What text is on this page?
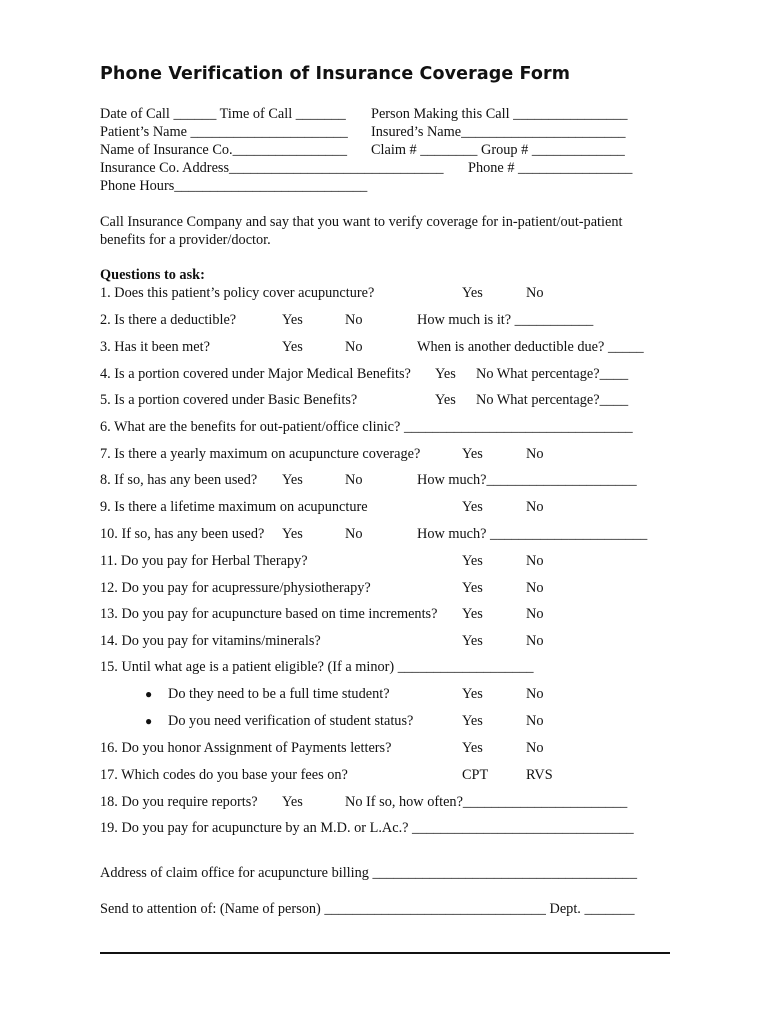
Phone Verification of Insurance Coverage Form
Date of Call ______ Time of Call _______ Person Making this Call ________________
Patient’s Name ______________________ Insured’s Name_______________________
Name of Insurance Co.________________ Claim # ________ Group # _____________
Insurance Co. Address______________________________ Phone # ________________
Phone Hours___________________________
Call Insurance Company and say that you want to verify coverage for in-patient/out-patient
benefits for a provider/doctor.
Questions to ask:
1. Does this patient’s policy cover acupuncture?	Yes	No
2. Is there a deductible?	Yes	No	How much is it? ___________
3. Has it been met?	Yes	No	When is another deductible due? _____
4. Is a portion covered under Major Medical Benefits? Yes No What percentage?____
5. Is a portion covered under Basic Benefits?	Yes No What percentage?____
6. What are the benefits for out-patient/office clinic? ________________________________
7. Is there a yearly maximum on acupuncture coverage?	Yes	No
8. If so, has any been used? Yes	No	How much?_____________________
9. Is there a lifetime maximum on acupuncture	Yes	No
10. If so, has any been used? Yes	No	How much? ______________________
11. Do you pay for Herbal Therapy?	Yes	No
12. Do you pay for acupressure/physiotherapy?	Yes	No
13. Do you pay for acupuncture based on time increments? Yes	No
14. Do you pay for vitamins/minerals?	Yes	No
15. Until what age is a patient eligible? (If a minor) ___________________
● Do they need to be a full time student?	Yes	No
● Do you need verification of student status?	Yes	No
16. Do you honor Assignment of Payments letters?	Yes	No
17. Which codes do you base your fees on?	CPT	RVS
18. Do you require reports? Yes	No If so, how often?_______________________
19. Do you pay for acupuncture by an M.D. or L.Ac.? _______________________________
Address of claim office for acupuncture billing _____________________________________
Send to attention of: (Name of person) _______________________________ Dept. _______
